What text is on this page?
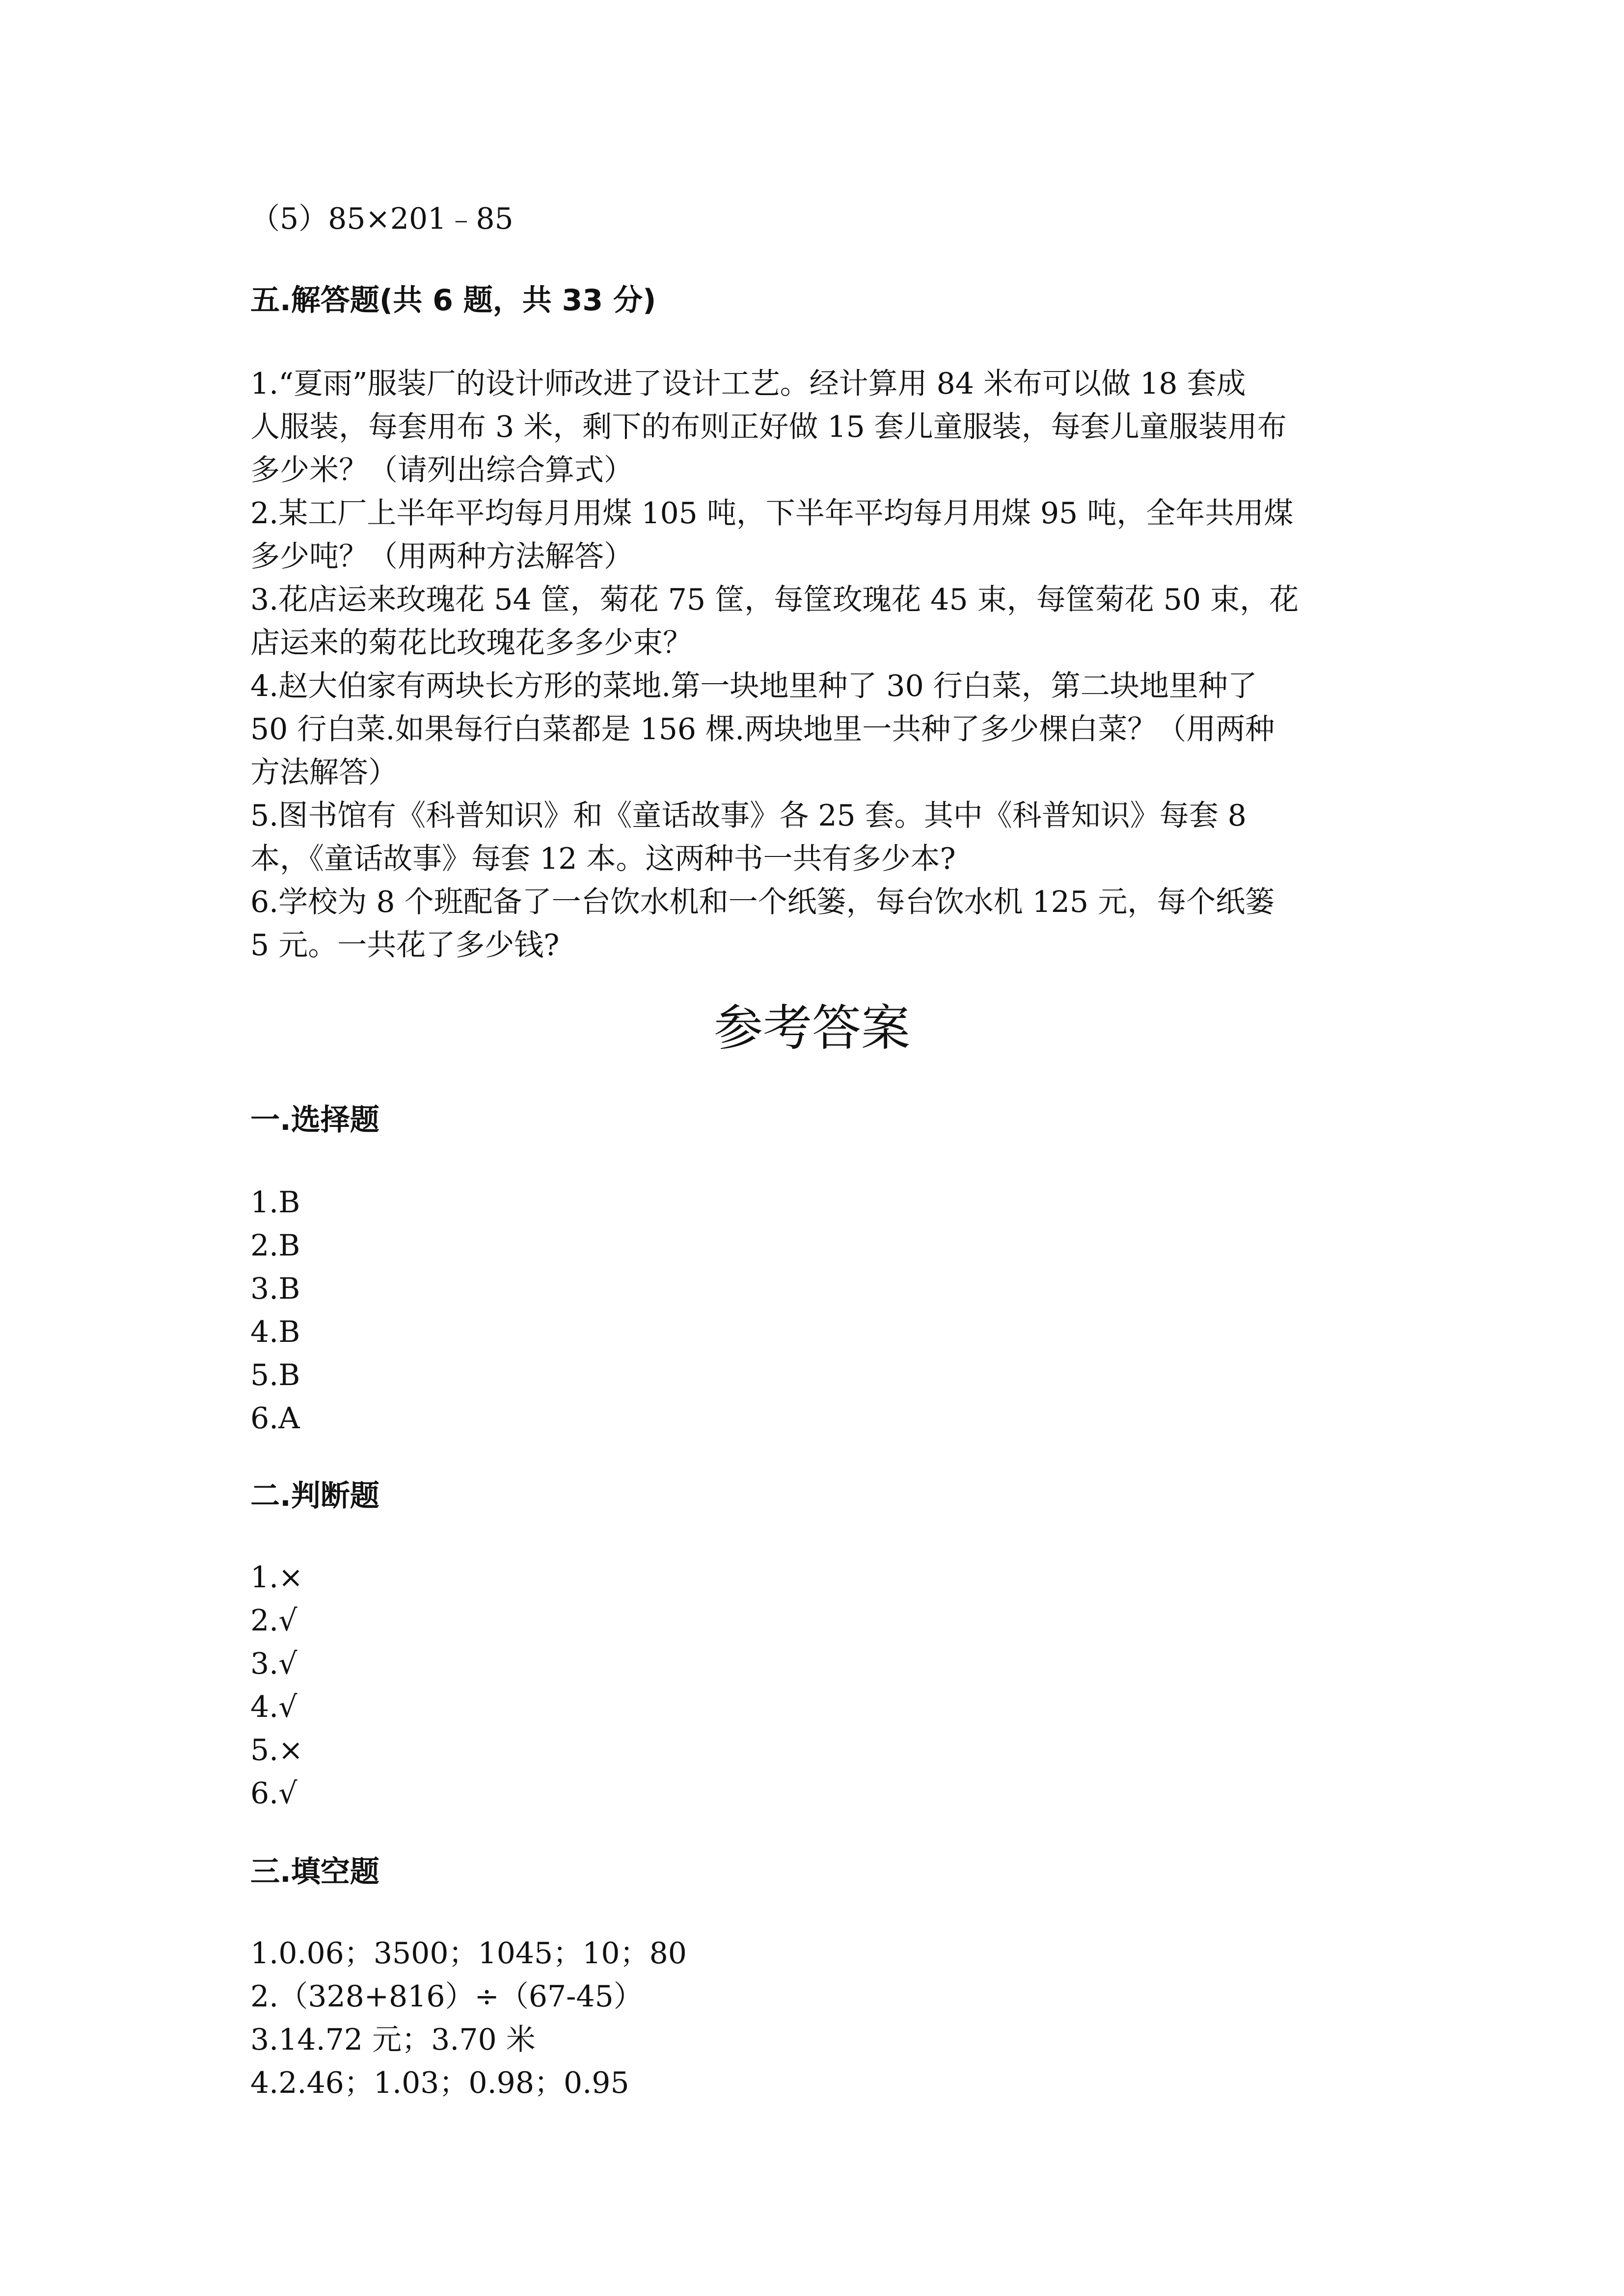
（5）85×201﹣85
五.解答题(共 6 题，共 33 分)
1.“夏雨”服装厂的设计师改进了设计工艺。经计算用 84 米布可以做 18 套成
人服装，每套用布 3 米，剩下的布则正好做 15 套儿童服装，每套儿童服装用布
多少米？（请列出综合算式）
2.某工厂上半年平均每月用煤 105 吨，下半年平均每月用煤 95 吨，全年共用煤
多少吨？（用两种方法解答）
3.花店运来玫瑰花 54 筐，菊花 75 筐，每筐玫瑰花 45 束，每筐菊花 50 束，花
店运来的菊花比玫瑰花多多少束？
4.赵大伯家有两块长方形的菜地.第一块地里种了 30 行白菜，第二块地里种了
50 行白菜.如果每行白菜都是 156 棵.两块地里一共种了多少棵白菜？（用两种
方法解答）
5.图书馆有《科普知识》和《童话故事》各 25 套。其中《科普知识》每套 8
本，《童话故事》每套 12 本。这两种书一共有多少本?
6.学校为 8 个班配备了一台饮水机和一个纸篓，每台饮水机 125 元，每个纸篓
5 元。一共花了多少钱?
参考答案
一.选择题
1.B
2.B
3.B
4.B
5.B
6.A
二.判断题
1.×
2.√
3.√
4.√
5.×
6.√
三.填空题
1.0.06；3500；1045；10；80
2.（328+816）÷（67-45）
3.14.72 元；3.70 米
4.2.46；1.03；0.98；0.95
